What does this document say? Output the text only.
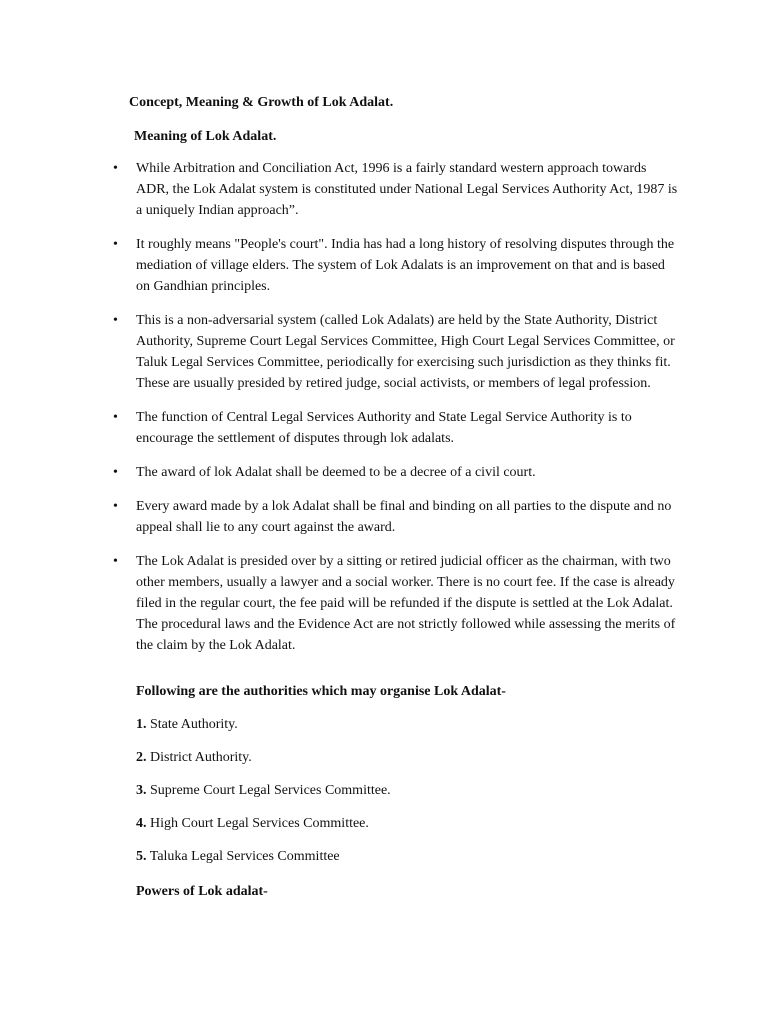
Concept, Meaning & Growth of Lok Adalat.

Meaning of Lok Adalat.

• While Arbitration and Conciliation Act, 1996 is a fairly standard western approach towards ADR, the Lok Adalat system is constituted under National Legal Services Authority Act, 1987 is a uniquely Indian approach”.
• It roughly means "People's court". India has had a long history of resolving disputes through the mediation of village elders. The system of Lok Adalats is an improvement on that and is based on Gandhian principles.
• This is a non-adversarial system (called Lok Adalats) are held by the State Authority, District Authority, Supreme Court Legal Services Committee, High Court Legal Services Committee, or Taluk Legal Services Committee, periodically for exercising such jurisdiction as they thinks fit. These are usually presided by retired judge, social activists, or members of legal profession.
• The function of Central Legal Services Authority and State Legal Service Authority is to encourage the settlement of disputes through lok adalats.
• The award of lok Adalat shall be deemed to be a decree of a civil court.
• Every award made by a lok Adalat shall be final and binding on all parties to the dispute and no appeal shall lie to any court against the award.
• The Lok Adalat is presided over by a sitting or retired judicial officer as the chairman, with two other members, usually a lawyer and a social worker. There is no court fee. If the case is already filed in the regular court, the fee paid will be refunded if the dispute is settled at the Lok Adalat. The procedural laws and the Evidence Act are not strictly followed while assessing the merits of the claim by the Lok Adalat.

Following are the authorities which may organise Lok Adalat-

1. State Authority.
2. District Authority.
3. Supreme Court Legal Services Committee.
4. High Court Legal Services Committee.
5. Taluka Legal Services Committee

Powers of Lok adalat-
